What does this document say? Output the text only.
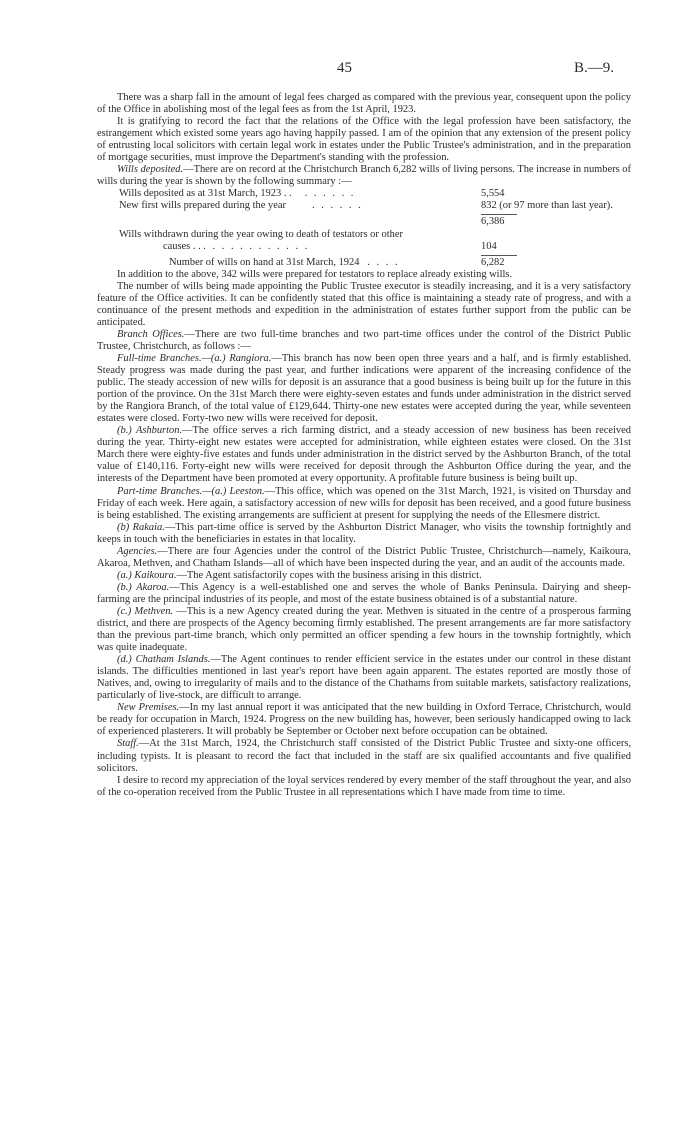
45	B.—9.

There was a sharp fall in the amount of legal fees charged as compared with the previous year, consequent upon the policy of the Office in abolishing most of the legal fees as from the 1st April, 1923.

It is gratifying to record the fact that the relations of the Office with the legal profession have been satisfactory, the estrangement which existed some years ago having happily passed. I am of the opinion that any extension of the present policy of entrusting local solicitors with certain legal work in estates under the Public Trustee's administration, and in the preparation of mortgage securities, must improve the Department's standing with the profession.

Wills deposited.—There are on record at the Christchurch Branch 6,282 wills of living persons. The increase in numbers of wills during the year is shown by the following summary :—

Wills deposited as at 31st March, 1923 . . . . . . . .	5,554
New first wills prepared during the year . . . . . .	832 (or 97 more than last year).
6,386
Wills withdrawn during the year owing to death of testators or other
causes . . . . . . . . . . . . . .	104
Number of wills on hand at 31st March, 1924 . . . .	6,282

In addition to the above, 342 wills were prepared for testators to replace already existing wills.

The number of wills being made appointing the Public Trustee executor is steadily increasing, and it is a very satisfactory feature of the Office activities. It can be confidently stated that this office is maintaining a steady rate of progress, and with a continuance of the present methods and expedition in the administration of estates further support from the public can be anticipated.

Branch Offices.—There are two full-time branches and two part-time offices under the control of the District Public Trustee, Christchurch, as follows :—

Full-time Branches.—(a.) Rangiora.—This branch has now been open three years and a half, and is firmly established. Steady progress was made during the past year, and further indications were apparent of the increasing confidence of the public. The steady accession of new wills for deposit is an assurance that a good business is being built up for the future in this portion of the province. On the 31st March there were eighty-seven estates and funds under administration in the district served by the Rangiora Branch, of the total value of £129,644. Thirty-one new estates were accepted during the year, while seventeen estates were closed. Forty-two new wills were received for deposit.

(b.) Ashburton.—The office serves a rich farming district, and a steady accession of new business has been received during the year. Thirty-eight new estates were accepted for administration, while eighteen estates were closed. On the 31st March there were eighty-five estates and funds under administration in the district served by the Ashburton Branch, of the total value of £140,116. Forty-eight new wills were received for deposit through the Ashburton Office during the year, and the interests of the Department have been promoted at every opportunity. A profitable future business is being built up.

Part-time Branches.—(a.) Leeston.—This office, which was opened on the 31st March, 1921, is visited on Thursday and Friday of each week. Here again, a satisfactory accession of new wills for deposit has been received, and a good future business is being established. The existing arrangements are sufficient at present for supplying the needs of the Ellesmere district.

(b) Rakaia.—This part-time office is served by the Ashburton District Manager, who visits the township fortnightly and keeps in touch with the beneficiaries in estates in that locality.

Agencies.—There are four Agencies under the control of the District Public Trustee, Christchurch—namely, Kaikoura, Akaroa, Methven, and Chatham Islands—all of which have been inspected during the year, and an audit of the accounts made.

(a.) Kaikoura.—The Agent satisfactorily copes with the business arising in this district.

(b.) Akaroa.—This Agency is a well-established one and serves the whole of Banks Peninsula. Dairying and sheep-farming are the principal industries of its people, and most of the estate business obtained is of a substantial nature.

(c.) Methven. —This is a new Agency created during the year. Methven is situated in the centre of a prosperous farming district, and there are prospects of the Agency becoming firmly established. The present arrangements are far more satisfactory than the previous part-time branch, which only permitted an officer spending a few hours in the township fortnightly, which was quite inadequate.

(d.) Chatham Islands.—The Agent continues to render efficient service in the estates under our control in these distant islands. The difficulties mentioned in last year's report have been again apparent. The estates reported are mostly those of Natives, and, owing to irregularity of mails and to the distance of the Chathams from suitable markets, satisfactory realizations, particularly of live-stock, are difficult to arrange.

New Premises.—In my last annual report it was anticipated that the new building in Oxford Terrace, Christchurch, would be ready for occupation in March, 1924. Progress on the new building has, however, been seriously handicapped owing to lack of experienced plasterers. It will probably be September or October next before occupation can be obtained.

Staff.—At the 31st March, 1924, the Christchurch staff consisted of the District Public Trustee and sixty-one officers, including typists. It is pleasant to record the fact that included in the staff are six qualified accountants and five qualified solicitors.

I desire to record my appreciation of the loyal services rendered by every member of the staff throughout the year, and also of the co-operation received from the Public Trustee in all representations which I have made from time to time.
